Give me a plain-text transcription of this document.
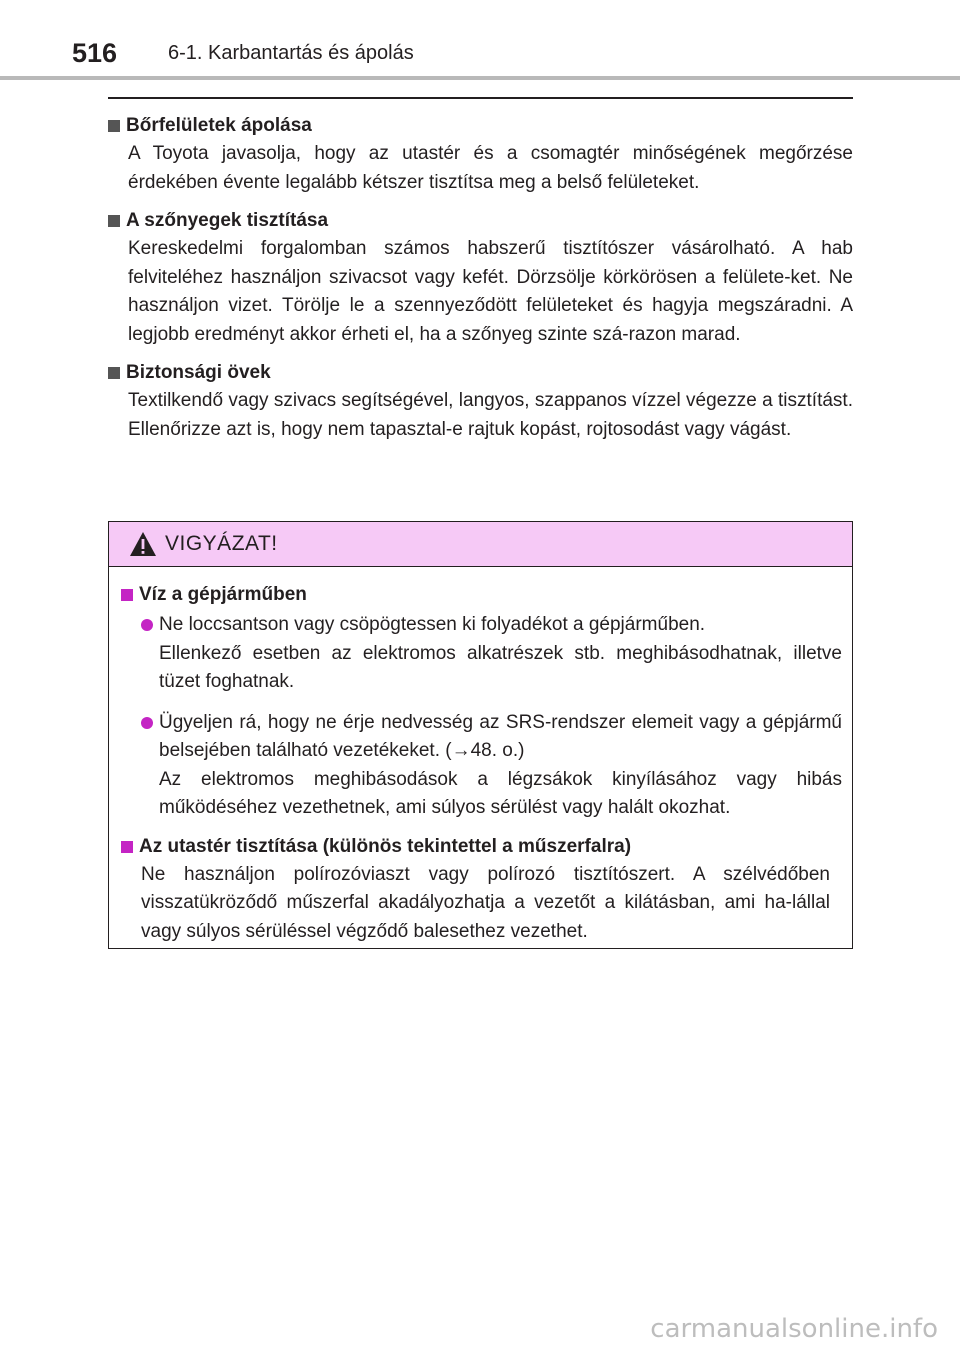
516	6-1. Karbantartás és ápolás
Bőrfelületek ápolása
A Toyota javasolja, hogy az utastér és a csomagtér minőségének megőrzése érdekében évente legalább kétszer tisztítsa meg a belső felületeket.
A szőnyegek tisztítása
Kereskedelmi forgalomban számos habszerű tisztítószer vásárolható. A hab felviteléhez használjon szivacsot vagy kefét. Dörzsölje körkörösen a felülete-ket. Ne használjon vizet. Törölje le a szennyeződött felületeket és hagyja megszáradni. A legjobb eredményt akkor érheti el, ha a szőnyeg szinte szá-razon marad.
Biztonsági övek
Textilkendő vagy szivacs segítségével, langyos, szappanos vízzel végezze a tisztítást. Ellenőrizze azt is, hogy nem tapasztal-e rajtuk kopást, rojtosodást vagy vágást.
VIGYÁZAT!
Víz a gépjárműben

Ne loccsantson vagy csöpögtessen ki folyadékot a gépjárműben.

Ellenkező esetben az elektromos alkatrészek stb. meghibásodhatnak, illetve tüzet foghatnak.

Ügyeljen rá, hogy ne érje nedvesség az SRS-rendszer elemeit vagy a gépjármű belsejében található vezetékeket. (→48. o.)

Az elektromos meghibásodások a légzsákok kinyílásához vagy hibás működéséhez vezethetnek, ami súlyos sérülést vagy halált okozhat.

Az utastér tisztítása (különös tekintettel a műszerfalra)
Ne használjon polírozóviaszt vagy polírozó tisztítószert. A szélvédőben visszatükröződő műszerfal akadályozhatja a vezetőt a kilátásban, ami ha-lállal vagy súlyos sérüléssel végződő balesethez vezethet.
carmanualsonline.info
